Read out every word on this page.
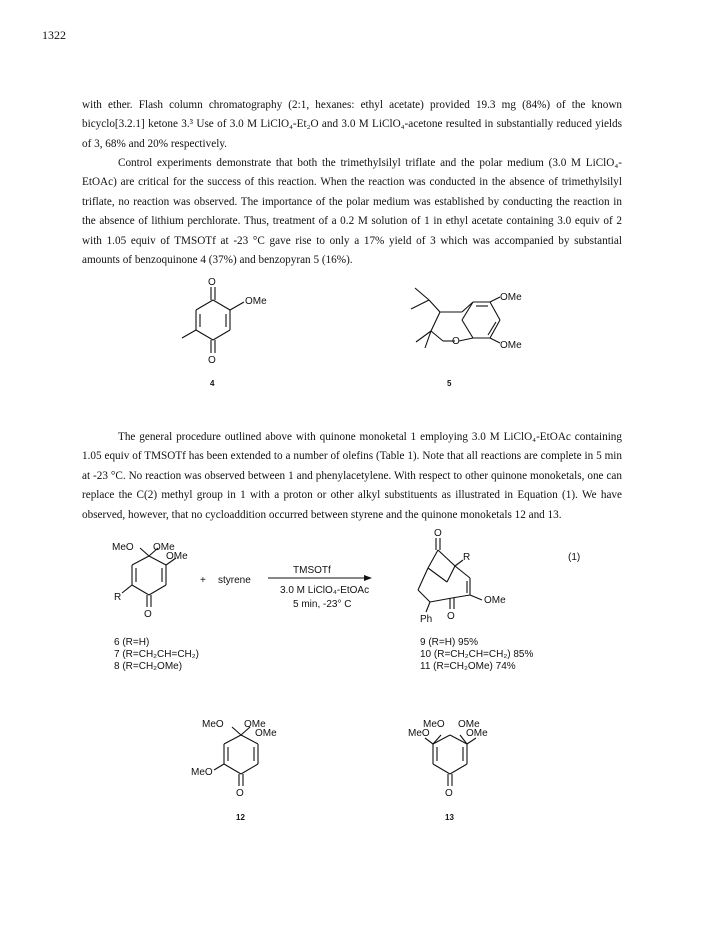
1322

with ether. Flash column chromatography (2:1, hexanes: ethyl acetate) provided 19.3 mg (84%) of the known bicyclo[3.2.1] ketone 3.³ Use of 3.0 M LiClO₄-Et₂O and 3.0 M LiClO₄-acetone resulted in substantially reduced yields of 3, 68% and 20% respectively.

Control experiments demonstrate that both the trimethylsilyl triflate and the polar medium (3.0 M LiClO₄-EtOAc) are critical for the success of this reaction. When the reaction was conducted in the absence of trimethylsilyl triflate, no reaction was observed. The importance of the polar medium was established by conducting the reaction in the absence of lithium perchlorate. Thus, treatment of a 0.2 M solution of 1 in ethyl acetate containing 3.0 equiv of 2 with 1.05 equiv of TMSOTf at -23 °C gave rise to only a 17% yield of 3 which was accompanied by substantial amounts of benzoquinone 4 (37%) and benzopyran 5 (16%).

The general procedure outlined above with quinone monoketal 1 employing 3.0 M LiClO₄-EtOAc containing 1.05 equiv of TMSOTf has been extended to a number of olefins (Table 1). Note that all reactions are complete in 5 min at -23 °C. No reaction was observed between 1 and phenylacetylene. With respect to other quinone monoketals, one can replace the C(2) methyl group in 1 with a proton or other alkyl substituents as illustrated in Equation (1). We have observed, however, that no cycloaddition occurred between styrene and the quinone monoketals 12 and 13.

O
O
OMe
4
O
OMe
OMe
5
MeO OMe
OMe
R
O
+ styrene
TMSOTf
3.0 M LiClO₄-EtOAc
5 min, -23° C
O
R
OMe
Ph O
(1)
6 (R=H)
7 (R=CH₂CH=CH₂)
8 (R=CH₂OMe)
9 (R=H) 95%
10 (R=CH₂CH=CH₂) 85%
11 (R=CH₂OMe) 74%
MeO OMe
OMe
MeO
O
12
MeO
MeO
OMe
OMe
O
13
